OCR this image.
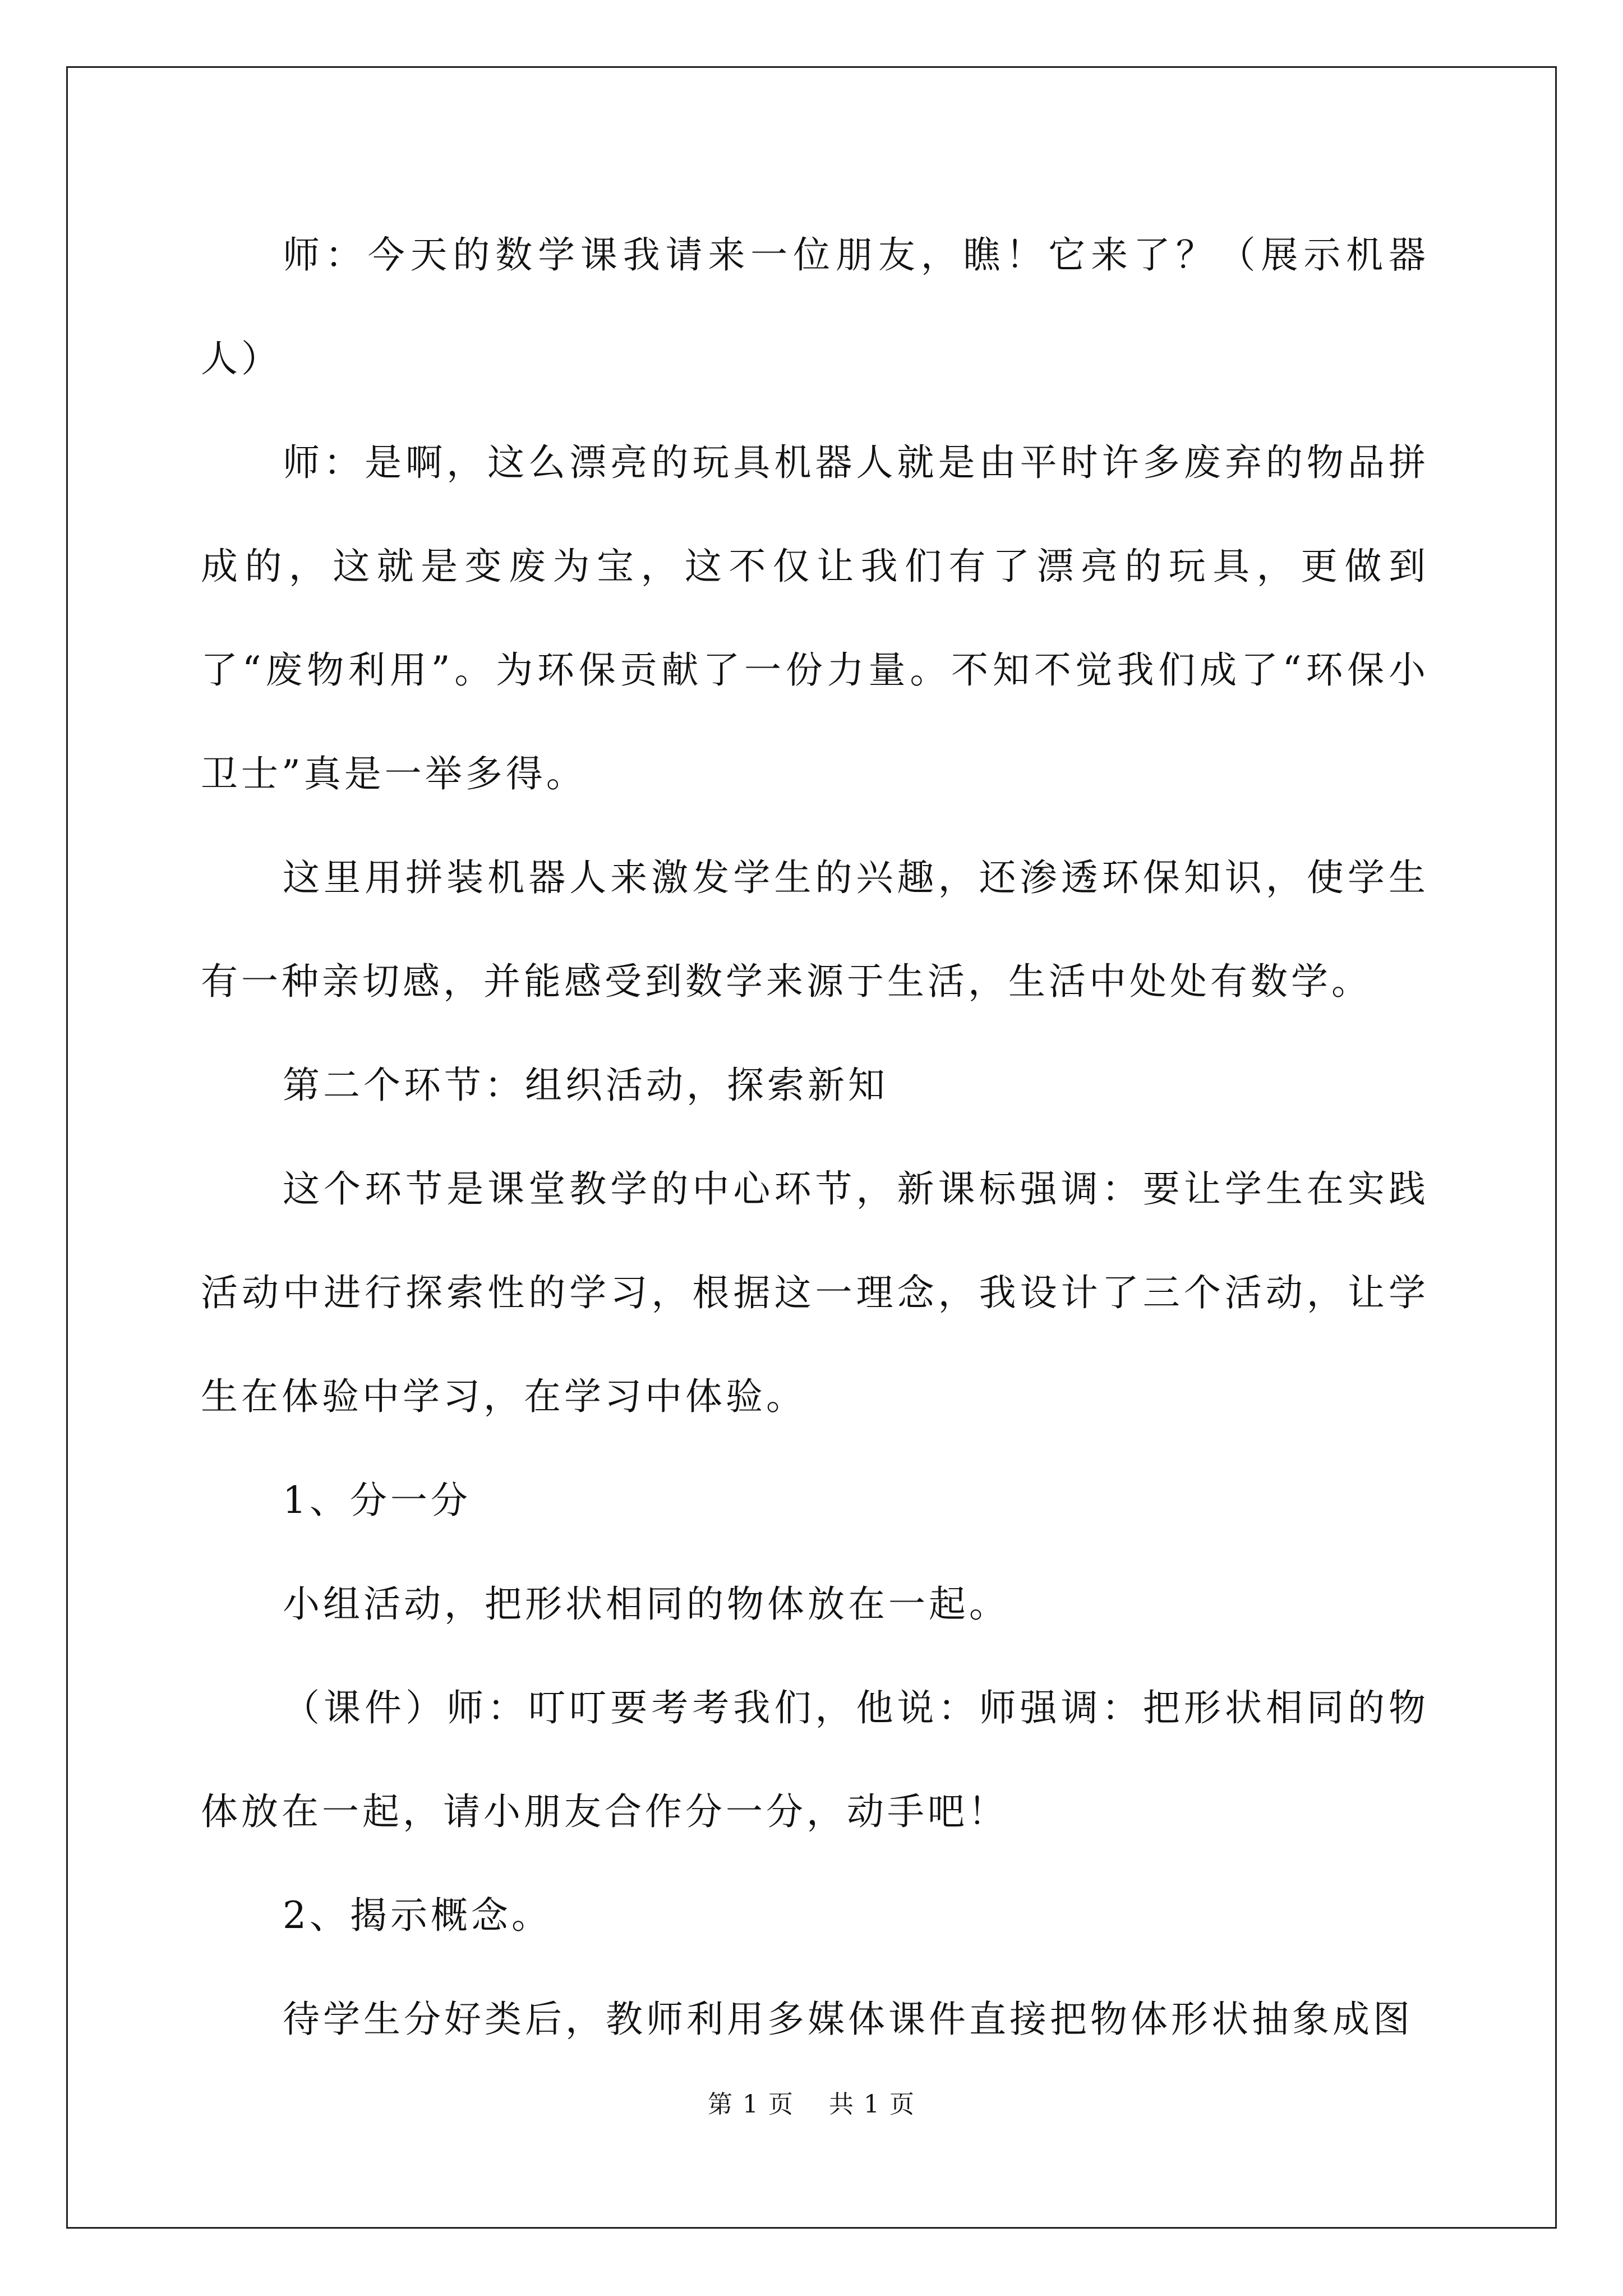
师：今天的数学课我请来一位朋友，瞧！它来了？（展示机器人）

师：是啊，这么漂亮的玩具机器人就是由平时许多废弃的物品拼成的，这就是变废为宝，这不仅让我们有了漂亮的玩具，更做到了“废物利用”。为环保贡献了一份力量。不知不觉我们成了“环保小卫士”真是一举多得。

这里用拼装机器人来激发学生的兴趣，还渗透环保知识，使学生有一种亲切感，并能感受到数学来源于生活，生活中处处有数学。

第二个环节：组织活动，探索新知

这个环节是课堂教学的中心环节，新课标强调：要让学生在实践活动中进行探索性的学习，根据这一理念，我设计了三个活动，让学生在体验中学习，在学习中体验。

1、分一分

小组活动，把形状相同的物体放在一起。

（课件）师：叮叮要考考我们，他说：师强调：把形状相同的物体放在一起，请小朋友合作分一分，动手吧！

2、揭示概念。

待学生分好类后，教师利用多媒体课件直接把物体形状抽象成图

第 1 页 共 1 页
